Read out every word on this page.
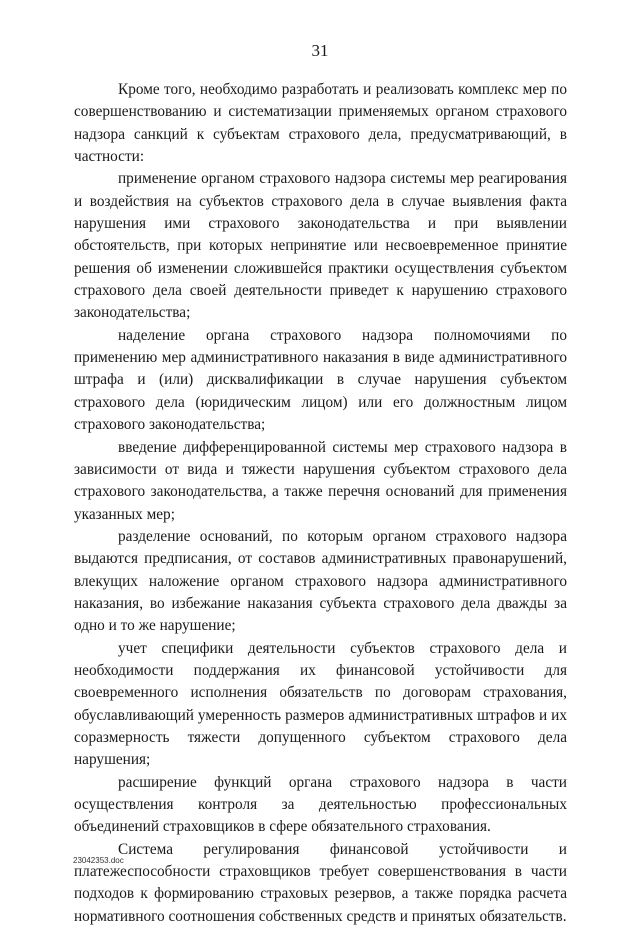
31

Кроме того, необходимо разработать и реализовать комплекс мер по совершенствованию и систематизации применяемых органом страхового надзора санкций к субъектам страхового дела, предусматривающий, в частности:

применение органом страхового надзора системы мер реагирования и воздействия на субъектов страхового дела в случае выявления факта нарушения ими страхового законодательства и при выявлении обстоятельств, при которых непринятие или несвоевременное принятие решения об изменении сложившейся практики осуществления субъектом страхового дела своей деятельности приведет к нарушению страхового законодательства;

наделение органа страхового надзора полномочиями по применению мер административного наказания в виде административного штрафа и (или) дисквалификации в случае нарушения субъектом страхового дела (юридическим лицом) или его должностным лицом страхового законодательства;

введение дифференцированной системы мер страхового надзора в зависимости от вида и тяжести нарушения субъектом страхового дела страхового законодательства, а также перечня оснований для применения указанных мер;

разделение оснований, по которым органом страхового надзора выдаются предписания, от составов административных правонарушений, влекущих наложение органом страхового надзора административного наказания, во избежание наказания субъекта страхового дела дважды за одно и то же нарушение;

учет специфики деятельности субъектов страхового дела и необходимости поддержания их финансовой устойчивости для своевременного исполнения обязательств по договорам страхования, обуславливающий умеренность размеров административных штрафов и их соразмерность тяжести допущенного субъектом страхового дела нарушения;

расширение функций органа страхового надзора в части осуществления контроля за деятельностью профессиональных объединений страховщиков в сфере обязательного страхования.

Система регулирования финансовой устойчивости и платежеспособности страховщиков требует совершенствования в части подходов к формированию страховых резервов, а также порядка расчета нормативного соотношения собственных средств и принятых обязательств.

23042353.doc
